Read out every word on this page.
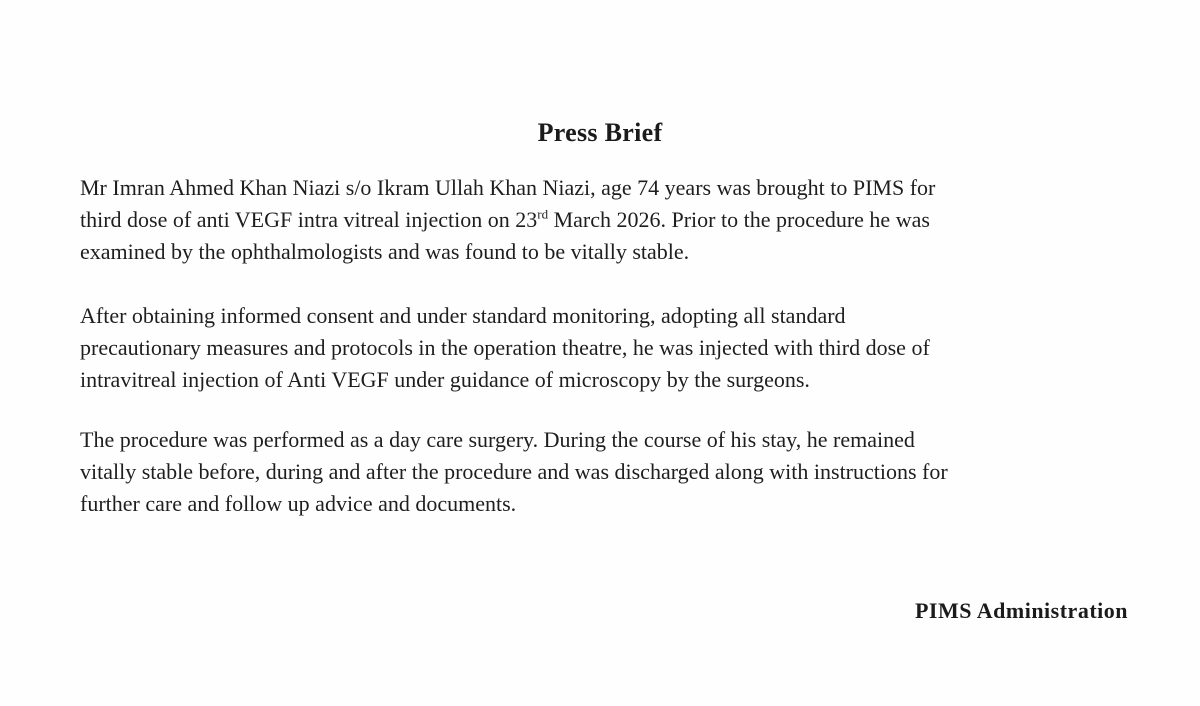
Press Brief
Mr Imran Ahmed Khan Niazi s/o Ikram Ullah Khan Niazi, age 74 years was brought to PIMS for
third dose of anti VEGF intra vitreal injection on 23rd March 2026. Prior to the procedure he was
examined by the ophthalmologists and was found to be vitally stable.
After obtaining informed consent and under standard monitoring, adopting all standard
precautionary measures and protocols in the operation theatre, he was injected with third dose of
intravitreal injection of Anti VEGF under guidance of microscopy by the surgeons.
The procedure was performed as a day care surgery. During the course of his stay, he remained
vitally stable before, during and after the procedure and was discharged along with instructions for
further care and follow up advice and documents.
PIMS Administration
